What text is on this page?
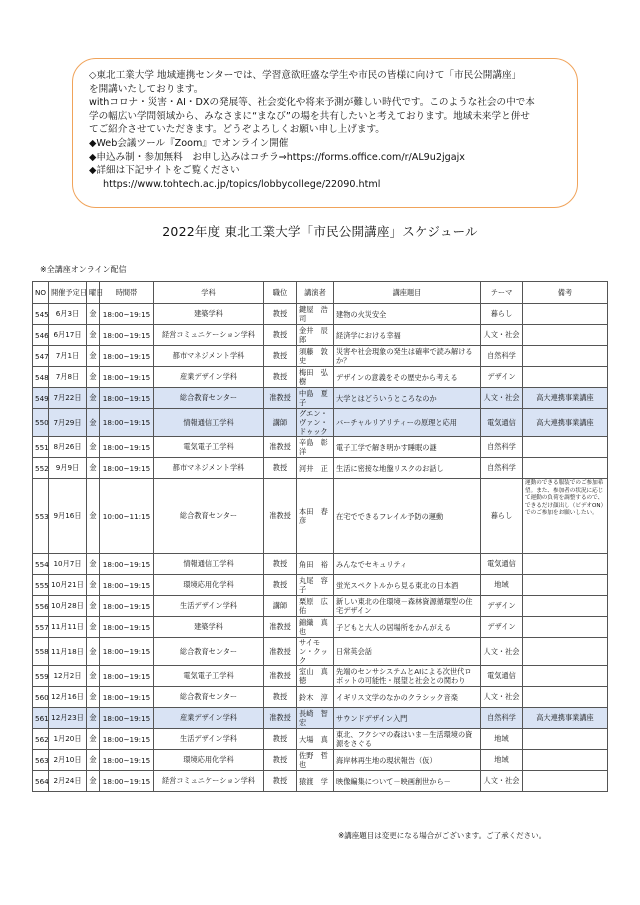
◇東北工業大学 地域連携センターでは、学習意欲旺盛な学生や市民の皆様に向けて「市民公開講座」

を開講いたしております。

withコロナ・災害・AI・DXの発展等、社会変化や将来予測が難しい時代です。このような社会の中で本

学の幅広い学問領域から、みなさまに“まなび”の場を共有したいと考えております。地域未来学と併せ

てご紹介させていただきます。どうぞよろしくお願い申し上げます。

◆Web会議ツール『Zoom』でオンライン開催

◆申込み制・参加無料　お申し込みはコチラ⇒https://forms.office.com/r/AL9u2jgajx

◆詳細は下記サイトをご覧ください

https://www.tohtech.ac.jp/topics/lobbycollege/22090.html

2022年度 東北工業大学「市民公開講座」スケジュール
※全講座オンライン配信
NO	開催予定日	曜日	時間帯	学科	職位	講演者	講座題目	テーマ	備考
545	6月3日	金	18:00~19:15	建築学科	教授	鍵屋　浩司	建物の火災安全	暮らし	
546	6月17日	金	18:00~19:15	経営コミュニケーション学科	教授	金井　辰郎	経済学における幸福	人文・社会	
547	7月1日	金	18:00~19:15	都市マネジメント学科	教授	須藤　敦史	災害や社会現象の発生は確率で読み解けるか？	自然科学	
548	7月8日	金	18:00~19:15	産業デザイン学科	教授	梅田　弘樹	デザインの意義をその歴史から考える	デザイン	
549	7月22日	金	18:00~19:15	総合教育センター	准教授	中島　夏子	大学とはどういうところなのか	人文・社会	高大連携事業講座
550	7月29日	金	18:00~19:15	情報通信工学科	講師	グエン・ヴァン・ドゥック	バーチャルリアリティーの原理と応用	電気通信	高大連携事業講座
551	8月26日	金	18:00~19:15	電気電子工学科	准教授	辛島　彰洋	電子工学で解き明かす睡眠の謎	自然科学	
552	9月9日	金	18:00~19:15	都市マネジメント学科	教授	河井　正	生活に密接な地盤リスクのお話し	自然科学	
553	9月16日	金	10:00~11:15	総合教育センター	准教授	本田　春彦	在宅でできるフレイル予防の運動	暮らし	運動のできる服装でのご参加希望。また、参加者の状況に応じて運動の負荷を調整するので、できるだけ顔出し（ビデオON）でのご参加をお願いしたい。
554	10月7日	金	18:00~19:15	情報通信工学科	教授	角田　裕	みんなでセキュリティ	電気通信	
555	10月21日	金	18:00~19:15	環境応用化学科	教授	丸尾　容子	蛍光スペクトルから見る東北の日本酒	地域	
556	10月28日	金	18:00~19:15	生活デザイン学科	講師	栗原　広佑	新しい東北の住環境－森林資源循環型の住宅デザイン	デザイン	
557	11月11日	金	18:00~19:15	建築学科	准教授	錦織　真也	子どもと大人の居場所をかんがえる	デザイン	
558	11月18日	金	18:00~19:15	総合教育センター	准教授	サイモン・クック	日常英会話	人文・社会	
559	12月2日	金	18:00~19:15	電気電子工学科	准教授	室山　真徳	先端のセンサシステムとAIによる次世代ロボットの可能性・展望と社会との関わり	電気通信	
560	12月16日	金	18:00~19:15	総合教育センター	教授	鈴木　淳	イギリス文学のなかのクラシック音楽	人文・社会	
561	12月23日	金	18:00~19:15	産業デザイン学科	准教授	長崎　智宏	サウンドデザイン入門	自然科学	高大連携事業講座
562	1月20日	金	18:00~19:15	生活デザイン学科	教授	大場　真	東北、フクシマの森はいま－生活環境の資源をさぐる	地域	
563	2月10日	金	18:00~19:15	環境応用化学科	教授	佐野　哲也	海岸林再生地の現状報告（仮）	地域	
564	2月24日	金	18:00~19:15	経営コミュニケーション学科	教授	猿渡　学	映像編集について－映画創世から－	人文・社会	
※講座題目は変更になる場合がございます。ご了承ください。
